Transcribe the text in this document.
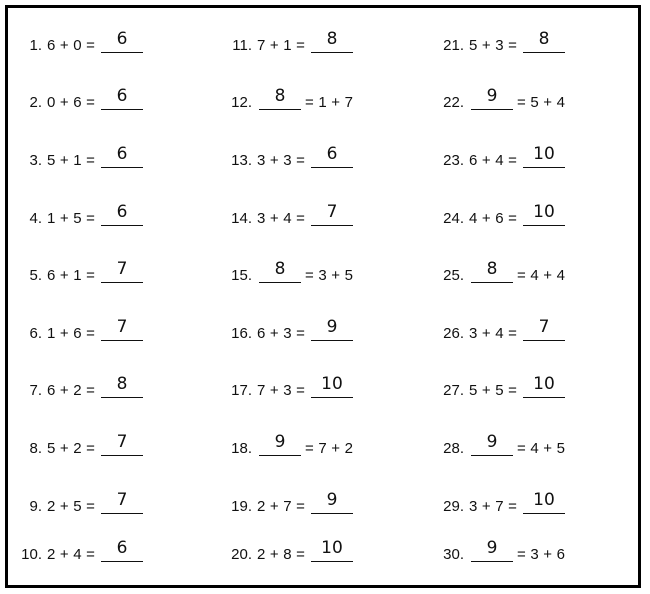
1. 6 + 0 =	6
2. 0 + 6 =	6
3. 5 + 1 =	6
4. 1 + 5 =	6
5. 6 + 1 =	7
6. 1 + 6 =	7
7. 6 + 2 =	8
8. 5 + 2 =	7
9. 2 + 5 =	7
10. 2 + 4 =	6
11. 7 + 1 =	8
12.	8	= 1 + 7
13. 3 + 3 =	6
14. 3 + 4 =	7
15.	8	= 3 + 5
16. 6 + 3 =	9
17. 7 + 3 = 10
18.	9	= 7 + 2
19. 2 + 7 =	9
20. 2 + 8 = 10
21. 5 + 3 =	8
22.	9	= 5 + 4
23. 6 + 4 = 10
24. 4 + 6 = 10
25.	8	= 4 + 4
26. 3 + 4 =	7
27. 5 + 5 = 10
28.	9	= 4 + 5
29. 3 + 7 = 10
30.	9	= 3 + 6
